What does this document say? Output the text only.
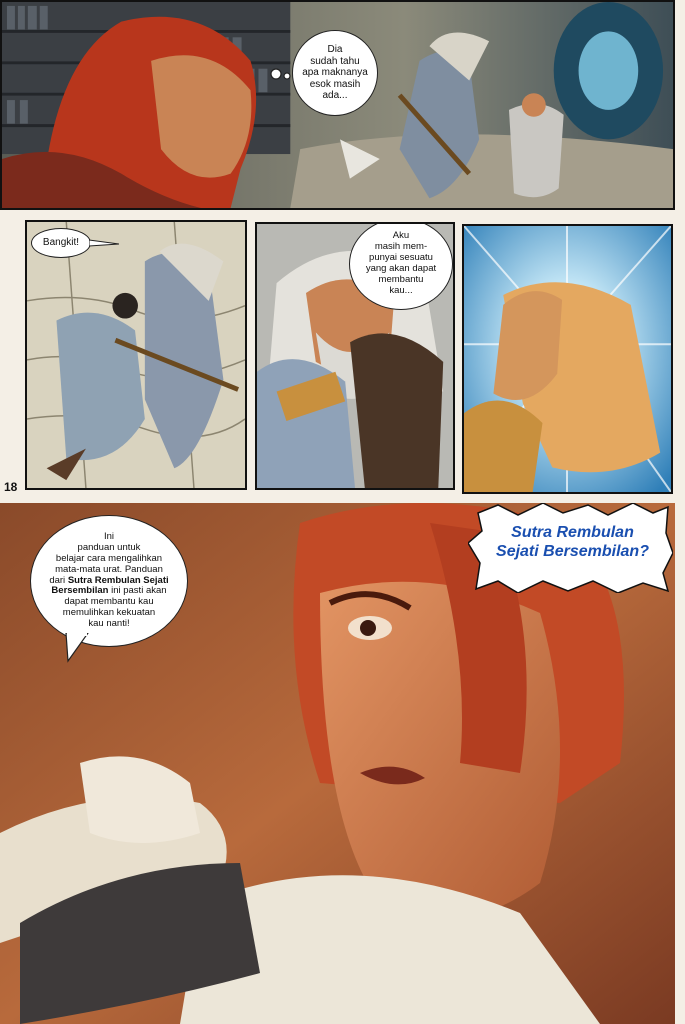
Dia
sudah tahu
apa maknanya
esok masih
ada...
Bangkit!
Aku
masih mem-
punyai sesuatu
yang akan dapat
membantu
kau...
18
Sutra Rembulan
Sejati Bersembilan?
Ini
panduan untuk
belajar cara mengalihkan
mata-mata urat. Panduan
dari Sutra Rembulan Sejati
Bersembilan ini pasti akan
dapat membantu kau
memulihkan kekuatan
kau nanti!
